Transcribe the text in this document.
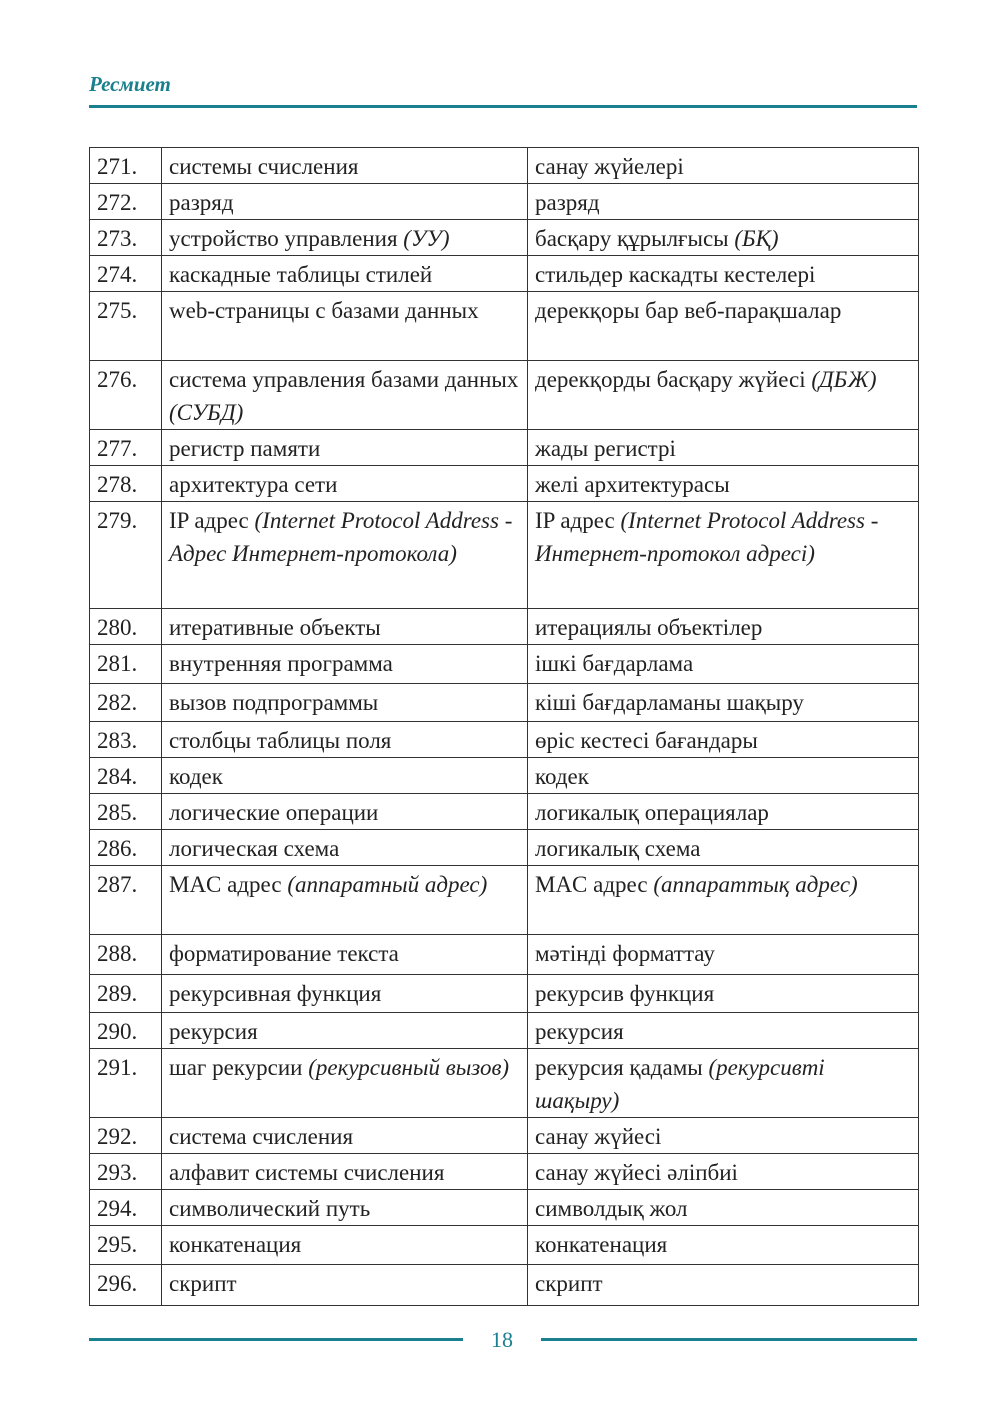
Ресмиет
271.	системы счисления	санау жүйелері
272.	разряд	разряд
273.	устройство управления (УУ)	басқару құрылғысы (БҚ)
274.	каскадные таблицы стилей	стильдер каскадты кестелері
275.	web-страницы с базами данных	дерекқоры бар веб-парақшалар
276.	система управления базами данных (СУБД)	дерекқорды басқару жүйесі (ДБЖ)
277.	регистр памяти	жады регистрі
278.	архитектура сети	желі архитектурасы
279.	IP адрес (Internet Protocol Address - Адрес Интернет-протокола)	IP адрес (Internet Protocol Address - Интернет-протокол адресі)
280.	итеративные объекты	итерациялы объектілер
281.	внутренняя программа	ішкі бағдарлама
282.	вызов подпрограммы	кіші бағдарламаны шақыру
283.	столбцы таблицы поля	өріс кестесі бағандары
284.	кодек	кодек
285.	логические операции	логикалық операциялар
286.	логическая схема	логикалық схема
287.	MAC адрес (аппаратный адрес)	MAC адрес (аппараттық адрес)
288.	форматирование текста	мәтінді форматтау
289.	рекурсивная функция	рекурсив функция
290.	рекурсия	рекурсия
291.	шаг рекурсии (рекурсивный вызов)	рекурсия қадамы (рекурсивті шақыру)
292.	система счисления	санау жүйесі
293.	алфавит системы счисления	санау жүйесі әліпбиі
294.	символический путь	символдық жол
295.	конкатенация	конкатенация
296.	скрипт	скрипт
18
